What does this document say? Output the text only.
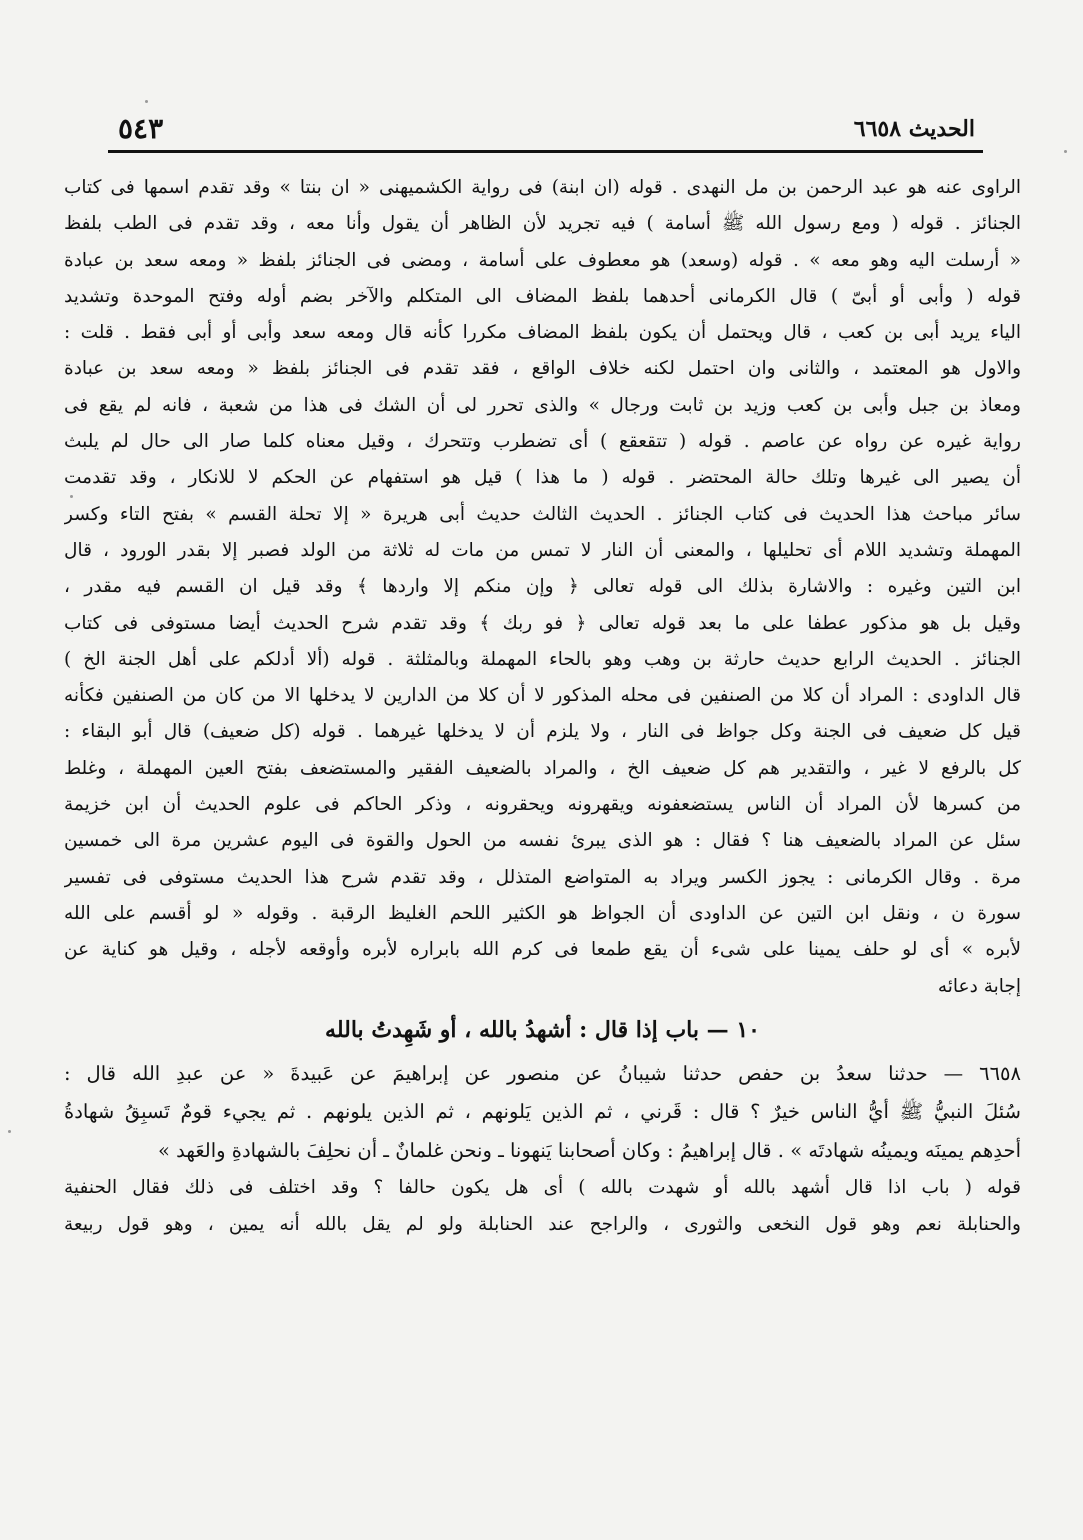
الحديث ٦٦٥٨
٥٤٣
الراوى عنه هو عبد الرحمن بن مل النهدى . قوله (ان ابنة) فى رواية الكشميهنى « ان بنتا » وقد تقدم اسمها فى كتاب
الجنائز . قوله ( ومع رسول الله ﷺ أسامة ) فيه تجريد لأن الظاهر أن يقول وأنا معه ، وقد تقدم فى الطب بلفظ
« أرسلت اليه وهو معه » . قوله (وسعد) هو معطوف على أسامة ، ومضى فى الجنائز بلفظ « ومعه سعد بن عبادة
قوله ( وأبى أو أبىّ ) قال الكرمانى أحدهما بلفظ المضاف الى المتكلم والآخر بضم أوله وفتح الموحدة وتشديد
الياء يريد أبى بن كعب ، قال ويحتمل أن يكون بلفظ المضاف مكررا كأنه قال ومعه سعد وأبى أو أبى فقط . قلت :
والاول هو المعتمد ، والثانى وان احتمل لكنه خلاف الواقع ، فقد تقدم فى الجنائز بلفظ « ومعه سعد بن عبادة
ومعاذ بن جبل وأبى بن كعب وزيد بن ثابت ورجال » والذى تحرر لى أن الشك فى هذا من شعبة ، فانه لم يقع فى
رواية غيره عن رواه عن عاصم . قوله ( تتقعقع ) أى تضطرب وتتحرك ، وقيل معناه كلما صار الى حال لم يلبث
أن يصير الى غيرها وتلك حالة المحتضر . قوله ( ما هذا ) قيل هو استفهام عن الحكم لا للانكار ، وقد تقدمت
سائر مباحث هذا الحديث فى كتاب الجنائز . الحديث الثالث حديث أبى هريرة « إلا تحلة القسم » بفتح التاء وكسر
المهملة وتشديد اللام أى تحليلها ، والمعنى أن النار لا تمس من مات له ثلاثة من الولد فصبر إلا بقدر الورود ، قال
ابن التين وغيره : والاشارة بذلك الى قوله تعالى ﴿ وإن منكم إلا واردها ﴾ وقد قيل ان القسم فيه مقدر ،
وقيل بل هو مذكور عطفا على ما بعد قوله تعالى ﴿ فو ربك ﴾ وقد تقدم شرح الحديث أيضا مستوفى فى كتاب
الجنائز . الحديث الرابع حديث حارثة بن وهب وهو بالحاء المهملة وبالمثلثة . قوله (ألا أدلكم على أهل الجنة الخ )
قال الداودى : المراد أن كلا من الصنفين فى محله المذكور لا أن كلا من الدارين لا يدخلها الا من كان من الصنفين فكأنه
قيل كل ضعيف فى الجنة وكل جواظ فى النار ، ولا يلزم أن لا يدخلها غيرهما . قوله (كل ضعيف) قال أبو البقاء :
كل بالرفع لا غير ، والتقدير هم كل ضعيف الخ ، والمراد بالضعيف الفقير والمستضعف بفتح العين المهملة ، وغلط
من كسرها لأن المراد أن الناس يستضعفونه ويقهرونه ويحقرونه ، وذكر الحاكم فى علوم الحديث أن ابن خزيمة
سئل عن المراد بالضعيف هنا ؟ فقال : هو الذى يبرئ نفسه من الحول والقوة فى اليوم عشرين مرة الى خمسين
مرة . وقال الكرمانى : يجوز الكسر ويراد به المتواضع المتذلل ، وقد تقدم شرح هذا الحديث مستوفى فى تفسير
سورة ن ، ونقل ابن التين عن الداودى أن الجواظ هو الكثير اللحم الغليظ الرقبة . وقوله « لو أقسم على الله
لأبره » أى لو حلف يمينا على شىء أن يقع طمعا فى كرم الله بابراره لأبره وأوقعه لأجله ، وقيل هو كناية عن
إجابة دعائه
١٠ — باب إذا قال : أشهدُ بالله ، أو شَهِدتُ بالله
٦٦٥٨ — حدثنا سعدُ بن حفص حدثنا شيبانُ عن منصور عن إبراهيمَ عن عَبيدةَ « عن عبدِ الله قال :
سُئلَ النبيُّ ﷺ أيُّ الناس خيرٌ ؟ قال : قَرني ، ثم الذين يَلونهم ، ثم الذين يلونهم . ثم يجيء قومٌ تَسبِقُ شهادةُ
أحدِهم يمينَه ويمينُه شهادتَه » . قال إبراهيمُ : وكان أصحابنا يَنهونا ـ ونحن غلمانٌ ـ أن نحلِفَ بالشهادةِ والعَهد »
قوله ( باب اذا قال أشهد بالله أو شهدت بالله ) أى هل يكون حالفا ؟ وقد اختلف فى ذلك فقال الحنفية
والحنابلة نعم وهو قول النخعى والثورى ، والراجح عند الحنابلة ولو لم يقل بالله أنه يمين ، وهو قول ربيعة
